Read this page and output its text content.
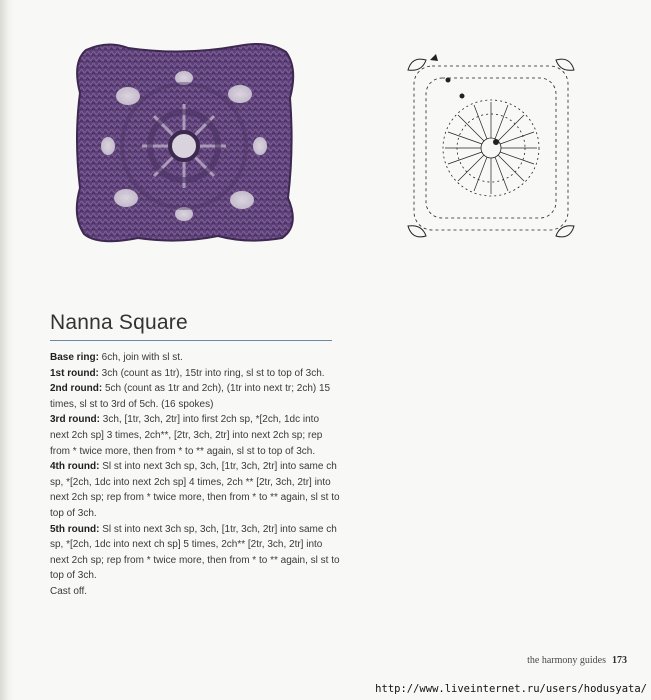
Nanna Square

Base ring: 6ch, join with sl st.

1st round: 3ch (count as 1tr), 15tr into ring, sl st to top of 3ch.

2nd round: 5ch (count as 1tr and 2ch), (1tr into next tr; 2ch) 15 times, sl st to 3rd of 5ch. (16 spokes)

3rd round: 3ch, [1tr, 3ch, 2tr] into first 2ch sp, *[2ch, 1dc into next 2ch sp] 3 times, 2ch**, [2tr, 3ch, 2tr] into next 2ch sp; rep from * twice more, then from * to ** again, sl st to top of 3ch.

4th round: Sl st into next 3ch sp, 3ch, [1tr, 3ch, 2tr] into same ch sp, *[2ch, 1dc into next 2ch sp] 4 times, 2ch ** [2tr, 3ch, 2tr] into next 2ch sp; rep from * twice more, then from * to ** again, sl st to top of 3ch.

5th round: Sl st into next 3ch sp, 3ch, [1tr, 3ch, 2tr] into same ch sp, *[2ch, 1dc into next ch sp] 5 times, 2ch** [2tr, 3ch, 2tr] into next 2ch sp; rep from * twice more, then from * to ** again, sl st to top of 3ch.

Cast off.

the harmony guides 173
http://www.liveinternet.ru/users/hodusyata/
